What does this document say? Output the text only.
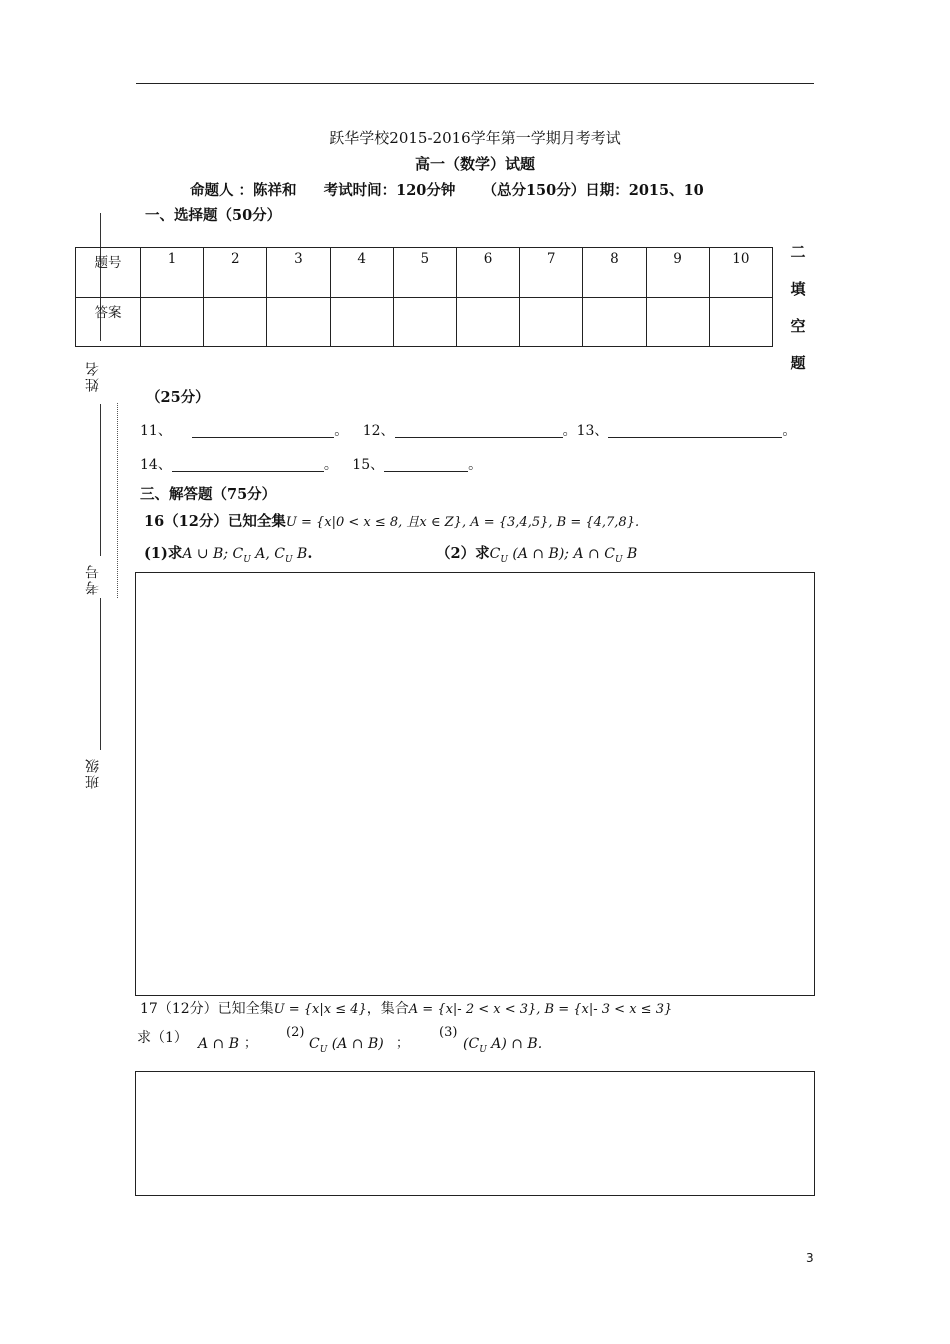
跃华学校2015-2016学年第一学期月考考试
高一（数学）试题
命题人 ：陈祥和 考试时间：120分钟 （总分150分）日期：2015、10
一、选择题（50分）
姓名
考号
班级
题号	1	2	3	4	5	6	7	8	9	10
答案										
二
填
空
题
（25分）
11、	。 12、	。13、	。
14、	。 15、	。
三、解答题（75分）
16（12分）已知全集U = {x|0 < x ≤ 8, 且x ∈ Z}, A = {3,4,5}, B = {4,7,8}.
(1)求A ∪ B; $C_U$ A, $C_U$ B.	（2）求$C_U$ (A ∩ B); A ∩ $C_U$ B
17（12分）已知全集U = {x|x ≤ 4}，集合A = {x|- 2 < x < 3}, B = {x|- 3 < x ≤ 3}
求（1） A ∩ B ；
(2)
$C_U$ (A ∩ B) ；
(3)
($C_U$ A) ∩ B.
3
